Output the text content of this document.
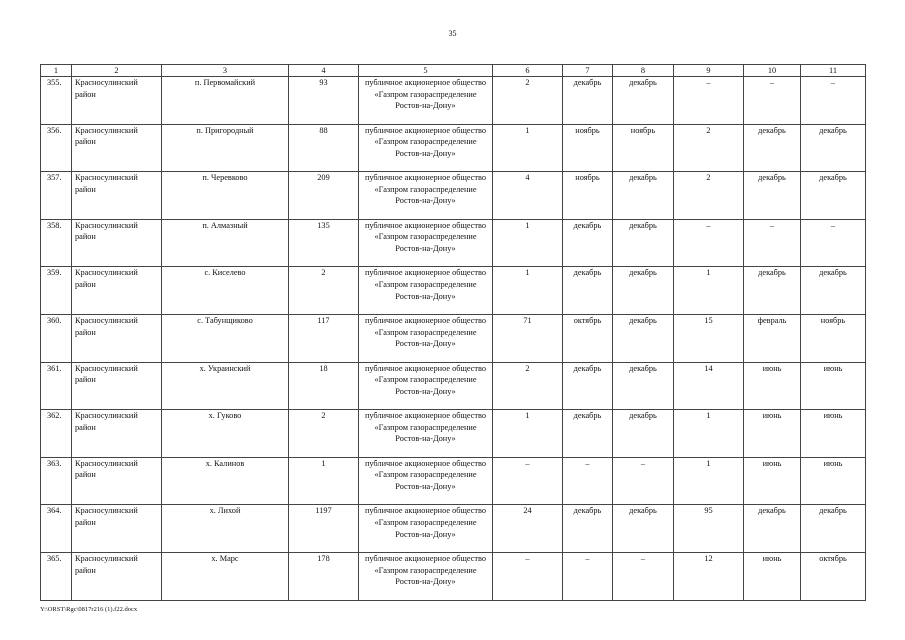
35
1	2	3	4	5	6	7	8	9	10	11
355.	Красносулинский район	п. Первомайский	93	публичное акционерное общество «Газпром газораспределение Ростов-на-Дону»	2	декабрь	декабрь	–	–	–
356.	Красносулинский район	п. Пригородный	88	публичное акционерное общество «Газпром газораспределение Ростов-на-Дону»	1	ноябрь	ноябрь	2	декабрь	декабрь
357.	Красносулинский район	п. Черевково	209	публичное акционерное общество «Газпром газораспределение Ростов-на-Дону»	4	ноябрь	декабрь	2	декабрь	декабрь
358.	Красносулинский район	п. Алмазный	135	публичное акционерное общество «Газпром газораспределение Ростов-на-Дону»	1	декабрь	декабрь	–	–	–
359.	Красносулинский район	с. Киселево	2	публичное акционерное общество «Газпром газораспределение Ростов-на-Дону»	1	декабрь	декабрь	1	декабрь	декабрь
360.	Красносулинский район	с. Табунщиково	117	публичное акционерное общество «Газпром газораспределение Ростов-на-Дону»	71	октябрь	декабрь	15	февраль	ноябрь
361.	Красносулинский район	х. Украинский	18	публичное акционерное общество «Газпром газораспределение Ростов-на-Дону»	2	декабрь	декабрь	14	июнь	июнь
362.	Красносулинский район	х. Гуково	2	публичное акционерное общество «Газпром газораспределение Ростов-на-Дону»	1	декабрь	декабрь	1	июнь	июнь
363.	Красносулинский район	х. Калинов	1	публичное акционерное общество «Газпром газораспределение Ростов-на-Дону»	–	–	–	1	июнь	июнь
364.	Красносулинский район	х. Лихой	1197	публичное акционерное общество «Газпром газораспределение Ростов-на-Дону»	24	декабрь	декабрь	95	декабрь	декабрь
365.	Красносулинский район	х. Марс	178	публичное акционерное общество «Газпром газораспределение Ростов-на-Дону»	–	–	–	12	июнь	октябрь
Y:\ORST\Rgc\0817r216 (1).f22.docx
